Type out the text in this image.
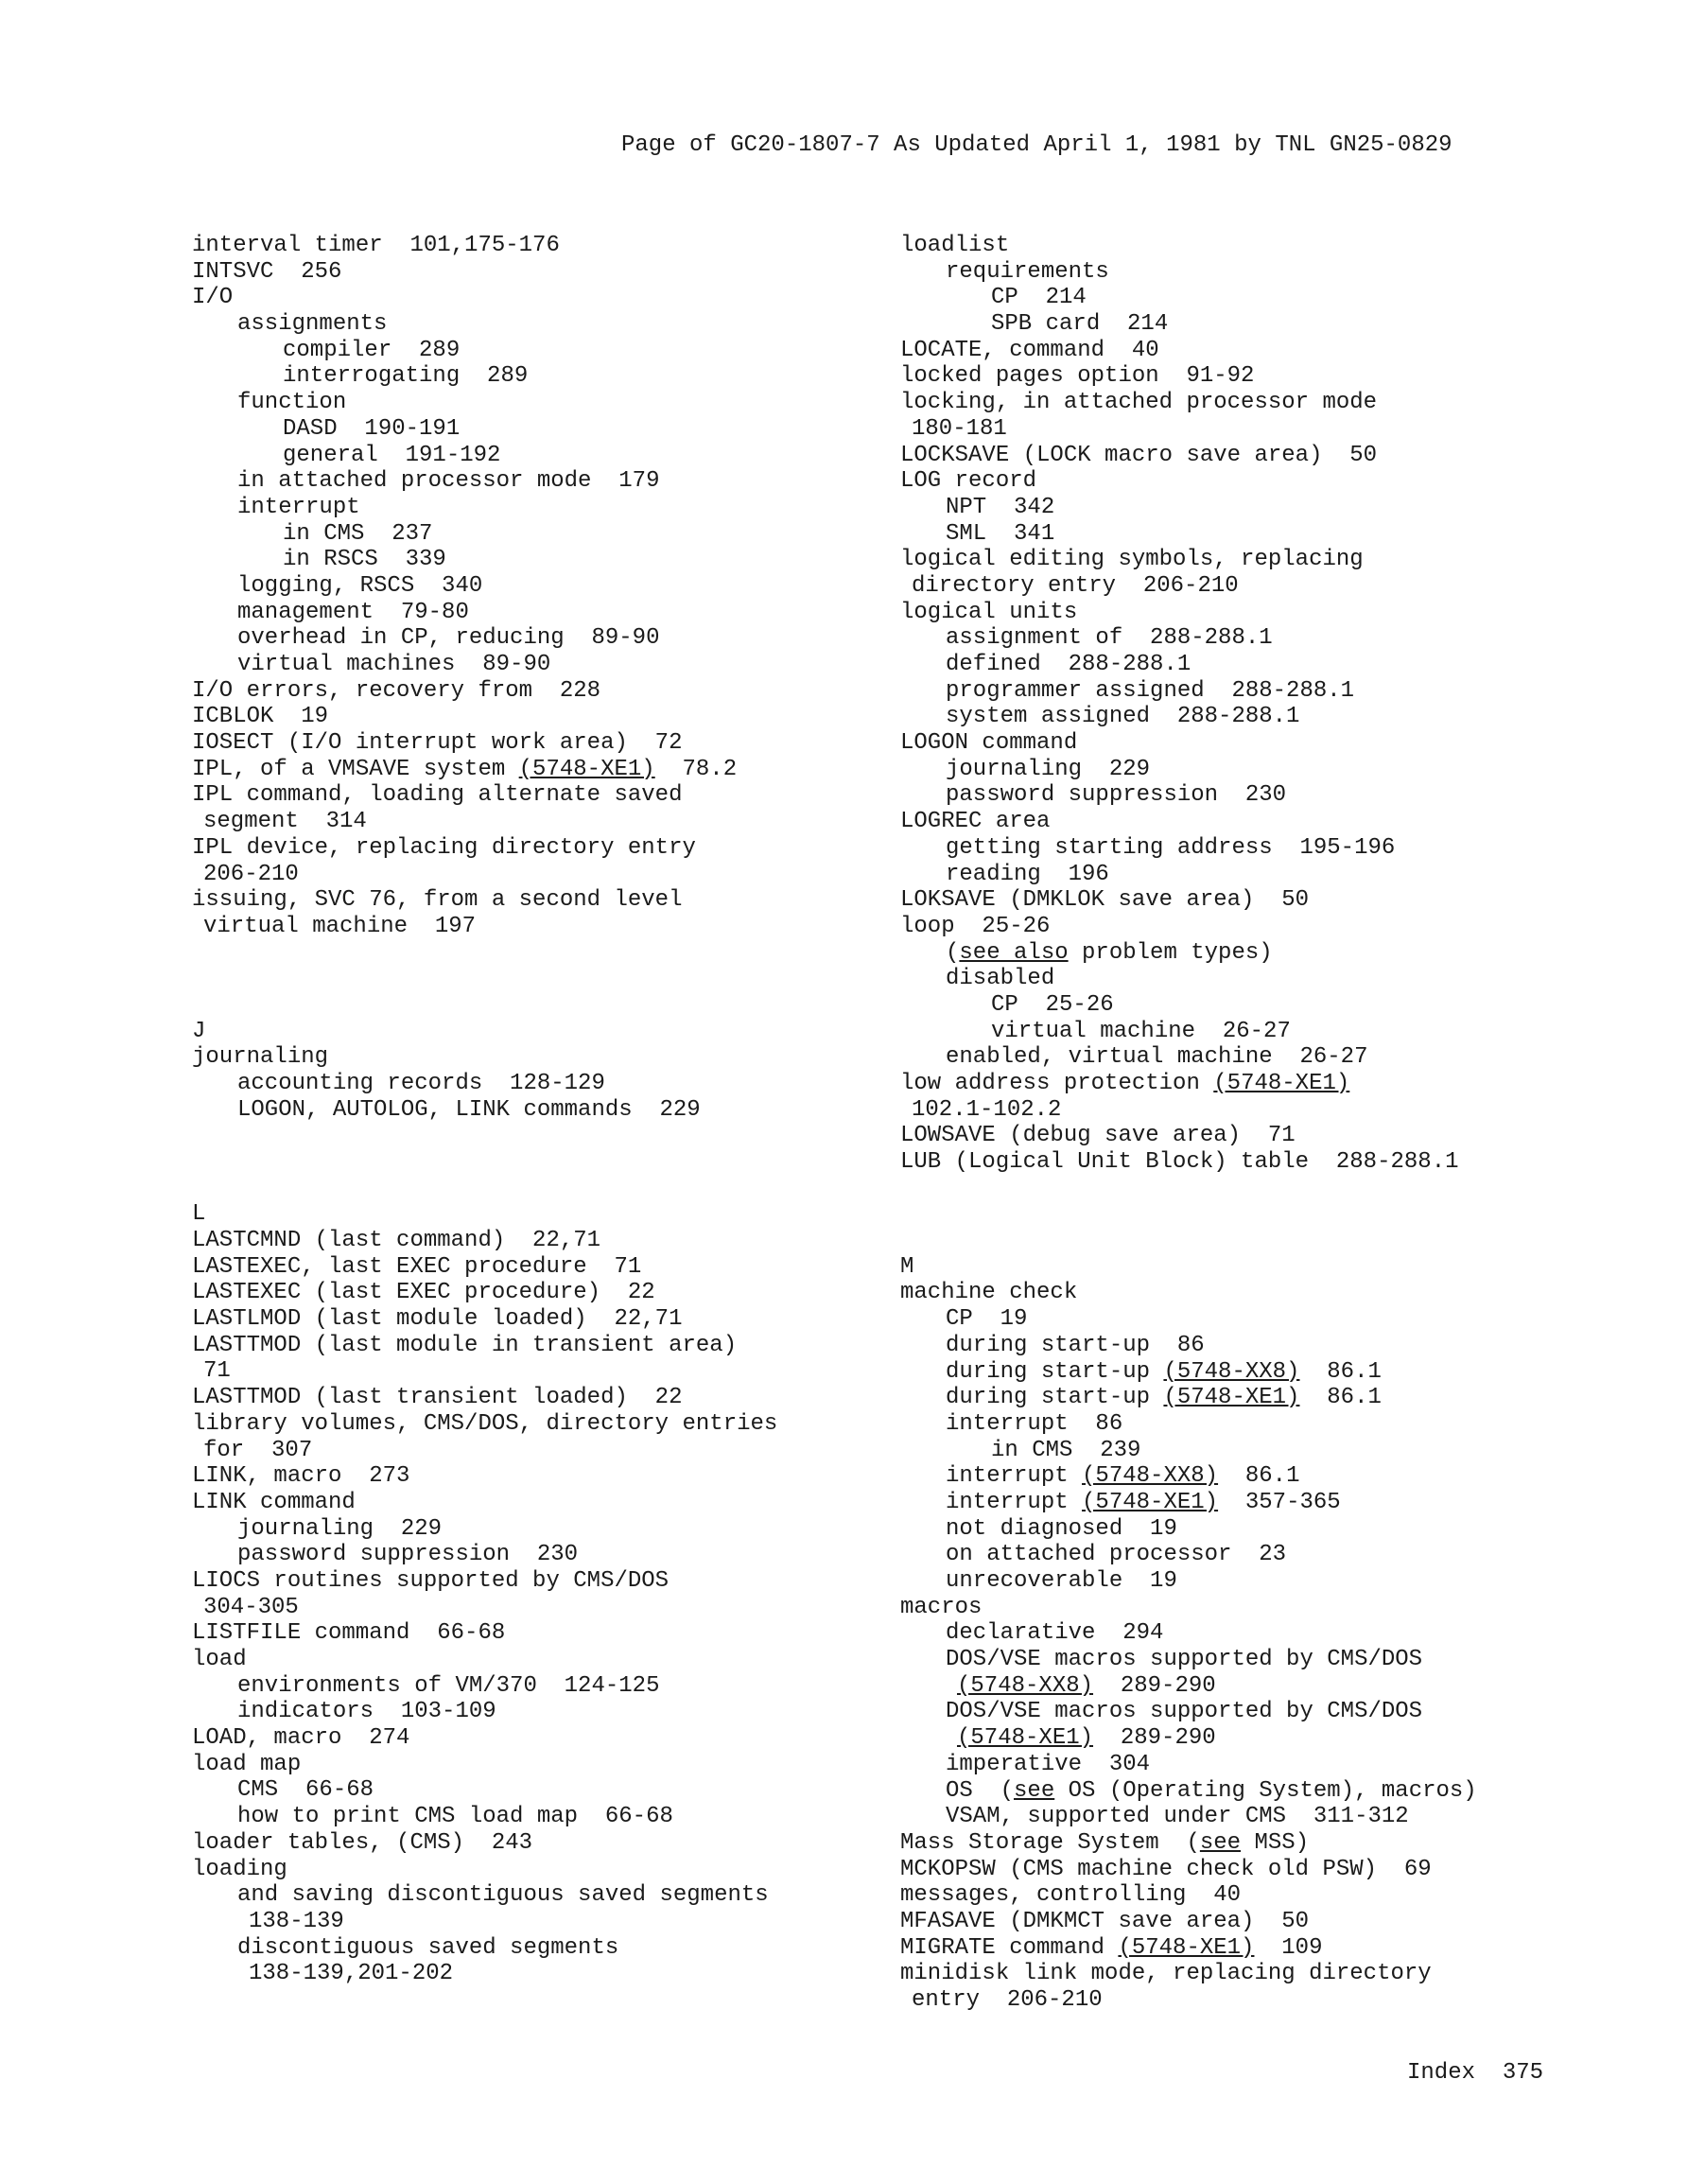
Page of GC20-1807-7 As Updated April 1, 1981 by TNL GN25-0829
interval timer  101,175-176
INTSVC  256
I/O
assignments
compiler  289
interrogating  289
function
DASD  190-191
general  191-192
in attached processor mode  179
interrupt
in CMS  237
in RSCS  339
logging, RSCS  340
management  79-80
overhead in CP, reducing  89-90
virtual machines  89-90
I/O errors, recovery from  228
ICBLOK  19
IOSECT (I/O interrupt work area)  72
IPL, of a VMSAVE system (5748-XE1)  78.2
IPL command, loading alternate saved
segment  314
IPL device, replacing directory entry
206-210
issuing, SVC 76, from a second level
virtual machine  197
J
journaling
accounting records  128-129
LOGON, AUTOLOG, LINK commands  229
L
LASTCMND (last command)  22,71
LASTEXEC, last EXEC procedure  71
LASTEXEC (last EXEC procedure)  22
LASTLMOD (last module loaded)  22,71
LASTTMOD (last module in transient area)
71
LASTTMOD (last transient loaded)  22
library volumes, CMS/DOS, directory entries
for  307
LINK, macro  273
LINK command
journaling  229
password suppression  230
LIOCS routines supported by CMS/DOS
304-305
LISTFILE command  66-68
load
environments of VM/370  124-125
indicators  103-109
LOAD, macro  274
load map
CMS  66-68
how to print CMS load map  66-68
loader tables, (CMS)  243
loading
and saving discontiguous saved segments
138-139
discontiguous saved segments
138-139,201-202
loadlist
requirements
CP  214
SPB card  214
LOCATE, command  40
locked pages option  91-92
locking, in attached processor mode
180-181
LOCKSAVE (LOCK macro save area)  50
LOG record
NPT  342
SML  341
logical editing symbols, replacing
directory entry  206-210
logical units
assignment of  288-288.1
defined  288-288.1
programmer assigned  288-288.1
system assigned  288-288.1
LOGON command
journaling  229
password suppression  230
LOGREC area
getting starting address  195-196
reading  196
LOKSAVE (DMKLOK save area)  50
loop  25-26
(see also problem types)
disabled
CP  25-26
virtual machine  26-27
enabled, virtual machine  26-27
low address protection (5748-XE1)
102.1-102.2
LOWSAVE (debug save area)  71
LUB (Logical Unit Block) table  288-288.1
M
machine check
CP  19
during start-up  86
during start-up (5748-XX8)  86.1
during start-up (5748-XE1)  86.1
interrupt  86
in CMS  239
interrupt (5748-XX8)  86.1
interrupt (5748-XE1)  357-365
not diagnosed  19
on attached processor  23
unrecoverable  19
macros
declarative  294
DOS/VSE macros supported by CMS/DOS
(5748-XX8)  289-290
DOS/VSE macros supported by CMS/DOS
(5748-XE1)  289-290
imperative  304
OS  (see OS (Operating System), macros)
VSAM, supported under CMS  311-312
Mass Storage System  (see MSS)
MCKOPSW (CMS machine check old PSW)  69
messages, controlling  40
MFASAVE (DMKMCT save area)  50
MIGRATE command (5748-XE1)  109
minidisk link mode, replacing directory
entry  206-210
Index  375
